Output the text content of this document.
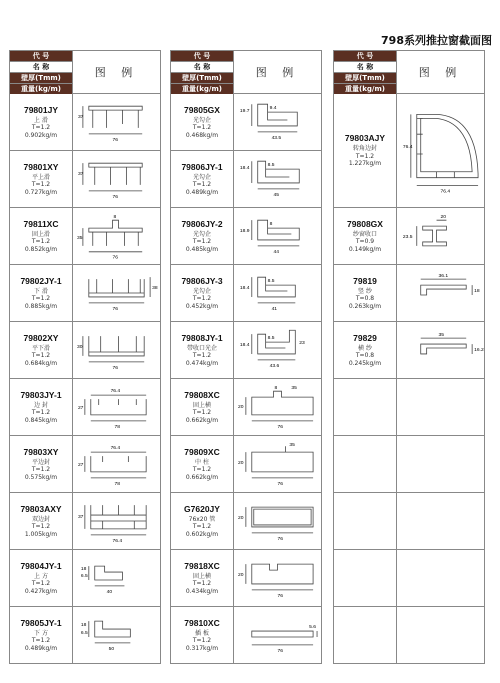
798系列推拉窗截面图
代 号
名 称
壁厚(Tmm)
重量(kg/m)
图 例
79801JY
上 滑
T=1.2
0.902kg/m
37
76
79801XY
平上滑
T=1.2
0.727kg/m
37
76
79811XC
固上滑
T=1.2
0.852kg/m
8
35
76
79802JY-1
下 滑
T=1.2
0.885kg/m
38
76
79802XY
平下滑
T=1.2
0.684kg/m
30
76
79803JY-1
边 封
T=1.2
0.845kg/m
76.4
27
78
79803XY
平边封
T=1.2
0.575kg/m
76.4
27
78
79803AXY
双边封
T=1.2
1.005kg/m
37
76.4
79804JY-1
上 方
T=1.2
0.427kg/m
18
6.5
40
79805JY-1
下 方
T=1.2
0.489kg/m
18
6.5
50
代 号
名 称
壁厚(Tmm)
重量(kg/m)
图 例
79805GX
光勾企
T=1.2
0.468kg/m
19.7
9.4
43.5
79806JY-1
光勾企
T=1.2
0.489kg/m
18.4
8.5
45
79806JY-2
光勾企
T=1.2
0.485kg/m
18.9
8
44
79806JY-3
光勾企
T=1.2
0.452kg/m
18.4
8.5
41
79808JY-1
带收口光企
T=1.2
0.474kg/m
18.4
8.5
23
43.6
79808XC
固上横
T=1.2
0.662kg/m
8	35
20
76
79809XC
中 柱
T=1.2
0.662kg/m
35
20
76
G7620JY
76x20 管
T=1.2
0.602kg/m
20
76
79818XC
固上横
T=1.2
0.434kg/m
20
76
79810XC
插 板
T=1.2
0.317kg/m
5.6
76
代 号
名 称
壁厚(Tmm)
重量(kg/m)
图 例
79803AJY
转角边封
T=1.2
1.227kg/m
76.4
76.4
79808GX
纱窗收口
T=0.9
0.149kg/m
20
23.5
79819
竖 纱
T=0.8
0.263kg/m
36.1
18
79829
横 纱
T=0.8
0.245kg/m
35
16.2
